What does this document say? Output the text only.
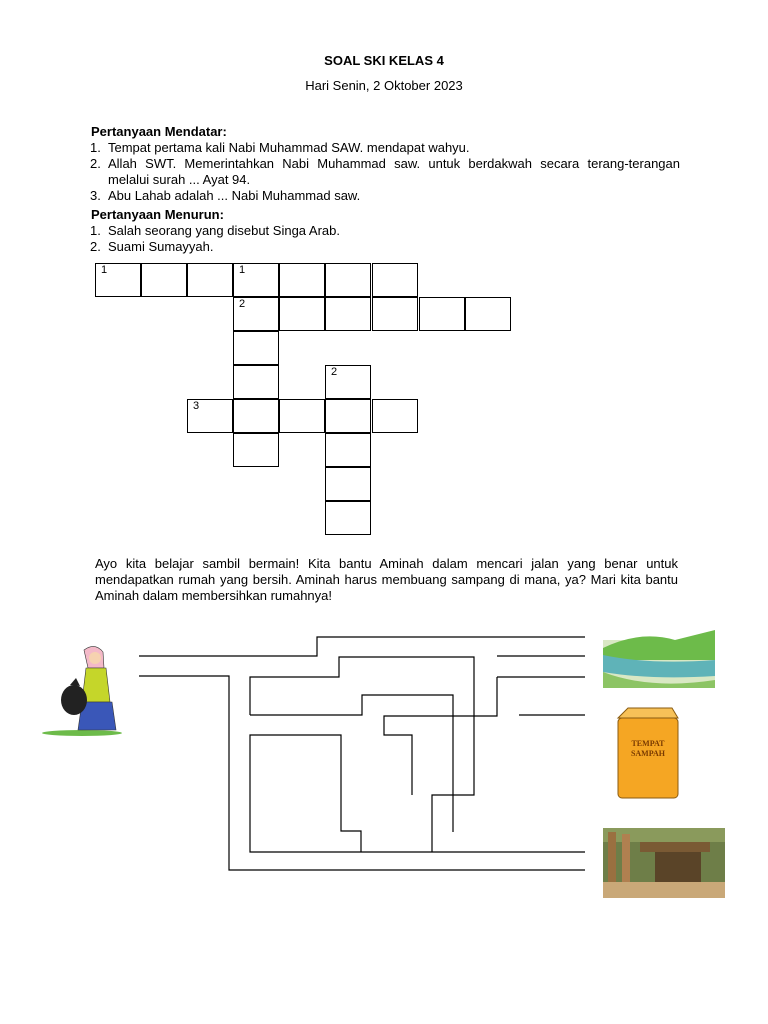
SOAL SKI KELAS 4
Hari Senin, 2 Oktober 2023
Pertanyaan Mendatar:
1. Tempat pertama kali Nabi Muhammad SAW. mendapat wahyu.
2. Allah SWT. Memerintahkan Nabi Muhammad saw. untuk berdakwah secara terang-terangan melalui surah ... Ayat 94.
3. Abu Lahab adalah ... Nabi Muhammad saw.
Pertanyaan Menurun:
1. Salah seorang yang disebut Singa Arab.
2. Suami Sumayyah.
1	1
2
2
3
Ayo kita belajar sambil bermain! Kita bantu Aminah dalam mencari jalan yang benar untuk mendapatkan rumah yang bersih. Aminah harus membuang sampang di mana, ya? Mari kita bantu Aminah dalam membersihkan rumahnya!
TEMPAT
SAMPAH
